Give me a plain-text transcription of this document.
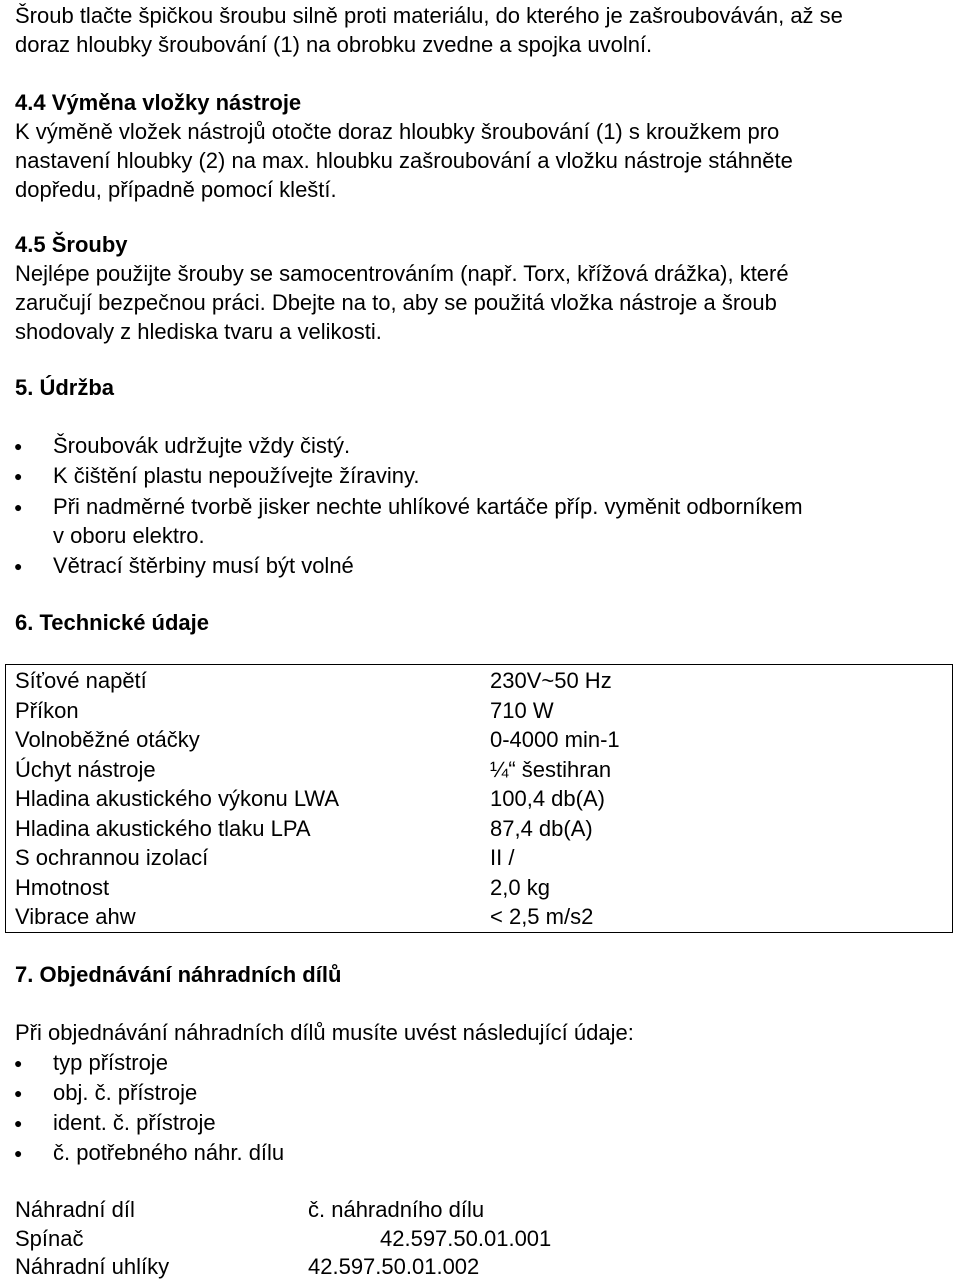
Šroub tlačte špičkou šroubu silně proti materiálu, do kterého je zašroubováván, až se
doraz hloubky šroubování (1) na obrobku zvedne a spojka uvolní.
4.4 Výměna vložky nástroje
K výměně vložek nástrojů otočte doraz hloubky šroubování (1) s kroužkem pro
nastavení hloubky (2) na max. hloubku zašroubování a vložku nástroje stáhněte
dopředu, případně pomocí kleští.
4.5 Šrouby
Nejlépe použijte šrouby se samocentrováním (např. Torx, křížová drážka), které
zaručují bezpečnou práci. Dbejte na to, aby se použitá vložka nástroje a šroub
shodovaly z hlediska tvaru a velikosti.
5. Údržba
● Šroubovák udržujte vždy čistý.
● K čištění plastu nepoužívejte žíraviny.
● Při nadměrné tvorbě jisker nechte uhlíkové kartáče příp. vyměnit odborníkem
v oboru elektro.
● Větrací štěrbiny musí být volné
6. Technické údaje
Síťové napětí	230V~50 Hz
Příkon	710 W
Volnoběžné otáčky	0-4000 min-1
Úchyt nástroje	¼“ šestihran
Hladina akustického výkonu LWA	100,4 db(A)
Hladina akustického tlaku LPA	87,4 db(A)
S ochrannou izolací	II /
Hmotnost	2,0 kg
Vibrace ahw	< 2,5 m/s2
7. Objednávání náhradních dílů
Při objednávání náhradních dílů musíte uvést následující údaje:
● typ přístroje
● obj. č. přístroje
● ident. č. přístroje
● č. potřebného náhr. dílu
Náhradní díl	č. náhradního dílu
Spínač	42.597.50.01.001
Náhradní uhlíky	42.597.50.01.002
